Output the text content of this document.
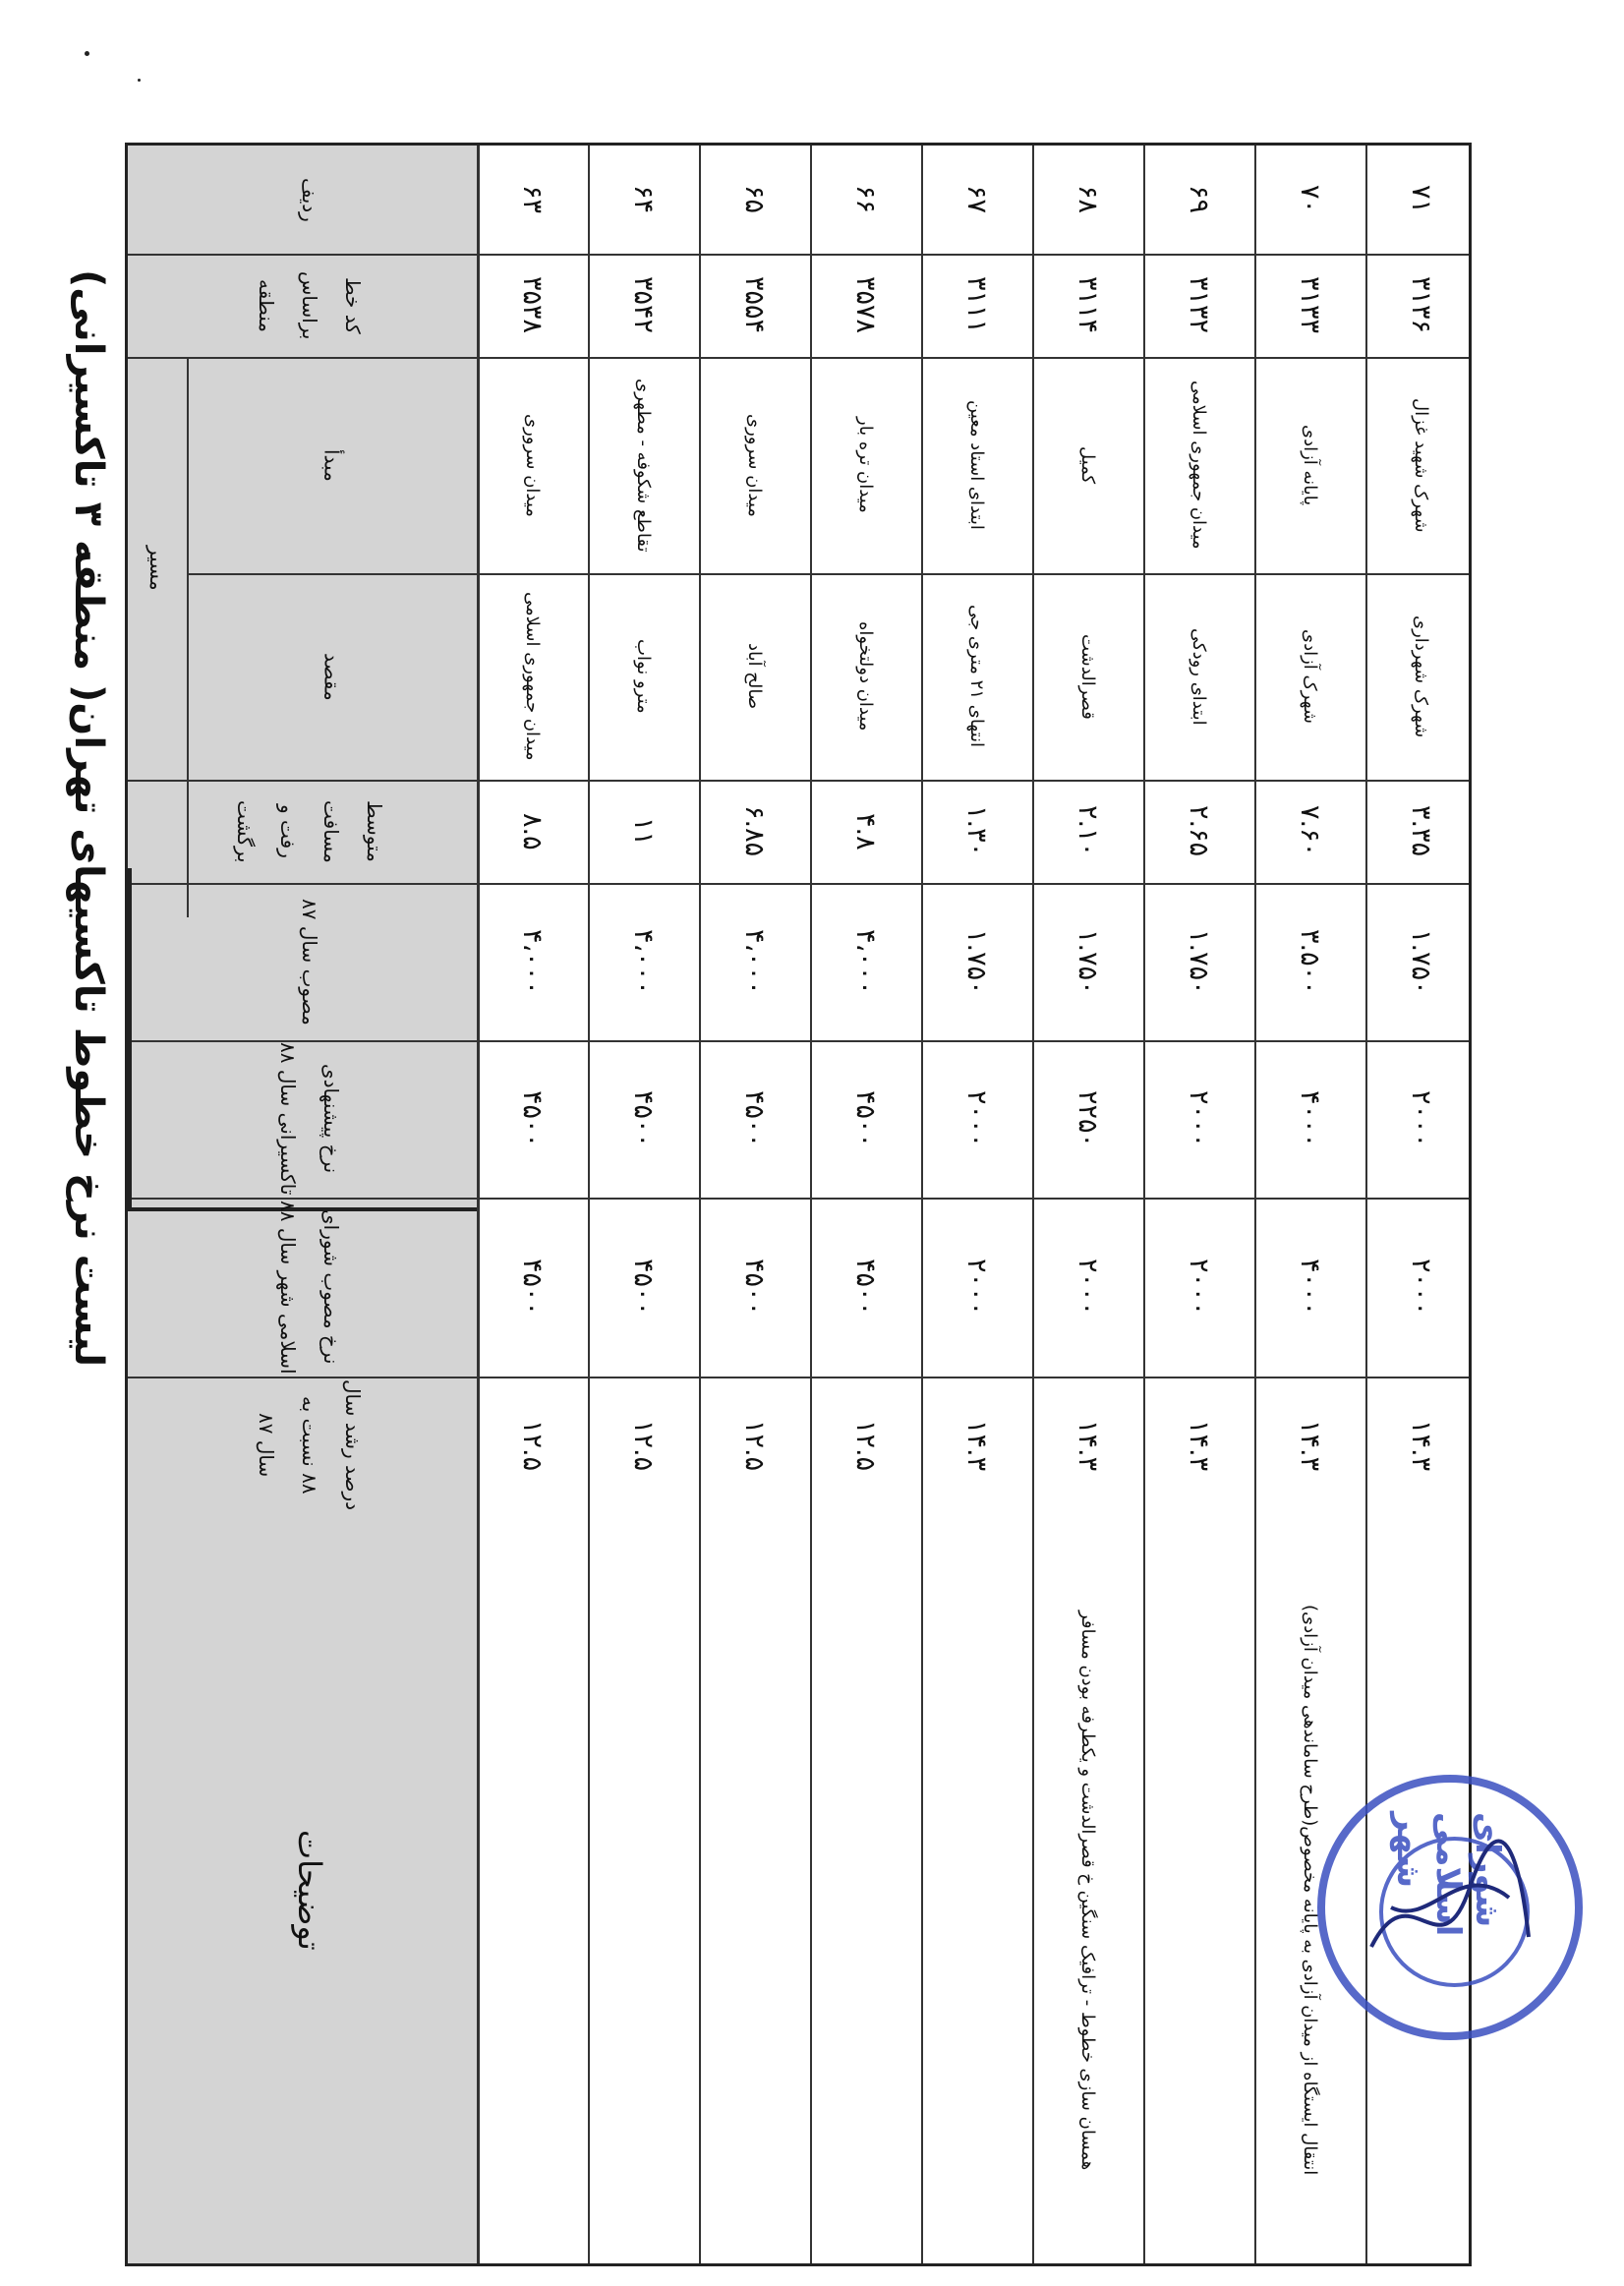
لیست نرخ خطوط تاکسیهای تهران( منطقه ۳ تاکسیرانی)
ردیف
کد خط براساس منطقه
مسیر
مبدأ
مقصد
متوسط مسافت رفت و برگشت
مصوب سال ۸۷
نرخ پیشنهادی تاکسیرانی سال ۸۸
نرخ مصوب شورای اسلامی شهر سال ۸۸
درصد رشد سال ۸۸ نسبت به سال ۸۷
توضیحات
۶۳
۳۵۳۸
میدان سروری
میدان جمهوری اسلامی
۸.۵
۴،۰۰۰
۴۵۰۰
۴۵۰۰
۱۲.۵
۶۴
۳۵۴۲
تقاطع شکوفه - مطهری
مترو نواب
۱۱
۴،۰۰۰
۴۵۰۰
۴۵۰۰
۱۲.۵
۶۵
۳۵۵۴
میدان سروری
صالح آباد
۶.۸۵
۴،۰۰۰
۴۵۰۰
۴۵۰۰
۱۲.۵
۶۶
۳۵۷۸
میدان تره بار
میدان دولتخواه
۴.۸
۴،۰۰۰
۴۵۰۰
۴۵۰۰
۱۲.۵
۶۷
۳۱۱۱
ابتدای استاد معین
انتهای ۲۱ متری جی
۱.۳۰
۱.۷۵۰
۲۰۰۰
۲۰۰۰
۱۴.۳
۶۸
۳۱۱۴
کمیل
قصرالدشت
۲.۱۰
۱.۷۵۰
۲۲۵۰
۲۰۰۰
۱۴.۳
همسان سازی خطوط - ترافیک سنگین خ قصرالدشت و یکطرفه بودن مسافر
۶۹
۳۱۳۲
میدان جمهوری اسلامی
ابتدای رودکی
۲.۶۵
۱.۷۵۰
۲۰۰۰
۲۰۰۰
۱۴.۳
۷۰
۳۱۳۳
پایانه آزادی
شهرک آزادی
۷.۶۰
۳.۵۰۰
۴۰۰۰
۴۰۰۰
۱۴.۳
انتقال ایستگاه از میدان آزادی به پایانه مخصوص(طرح ساماندهی میدان آزادی)
۷۱
۳۱۳۶
شهرک شهید غزال
شهرک شهرداری
۳.۳۵
۱.۷۵۰
۲۰۰۰
۲۰۰۰
۱۴.۳
شورای اسلامی شهر
